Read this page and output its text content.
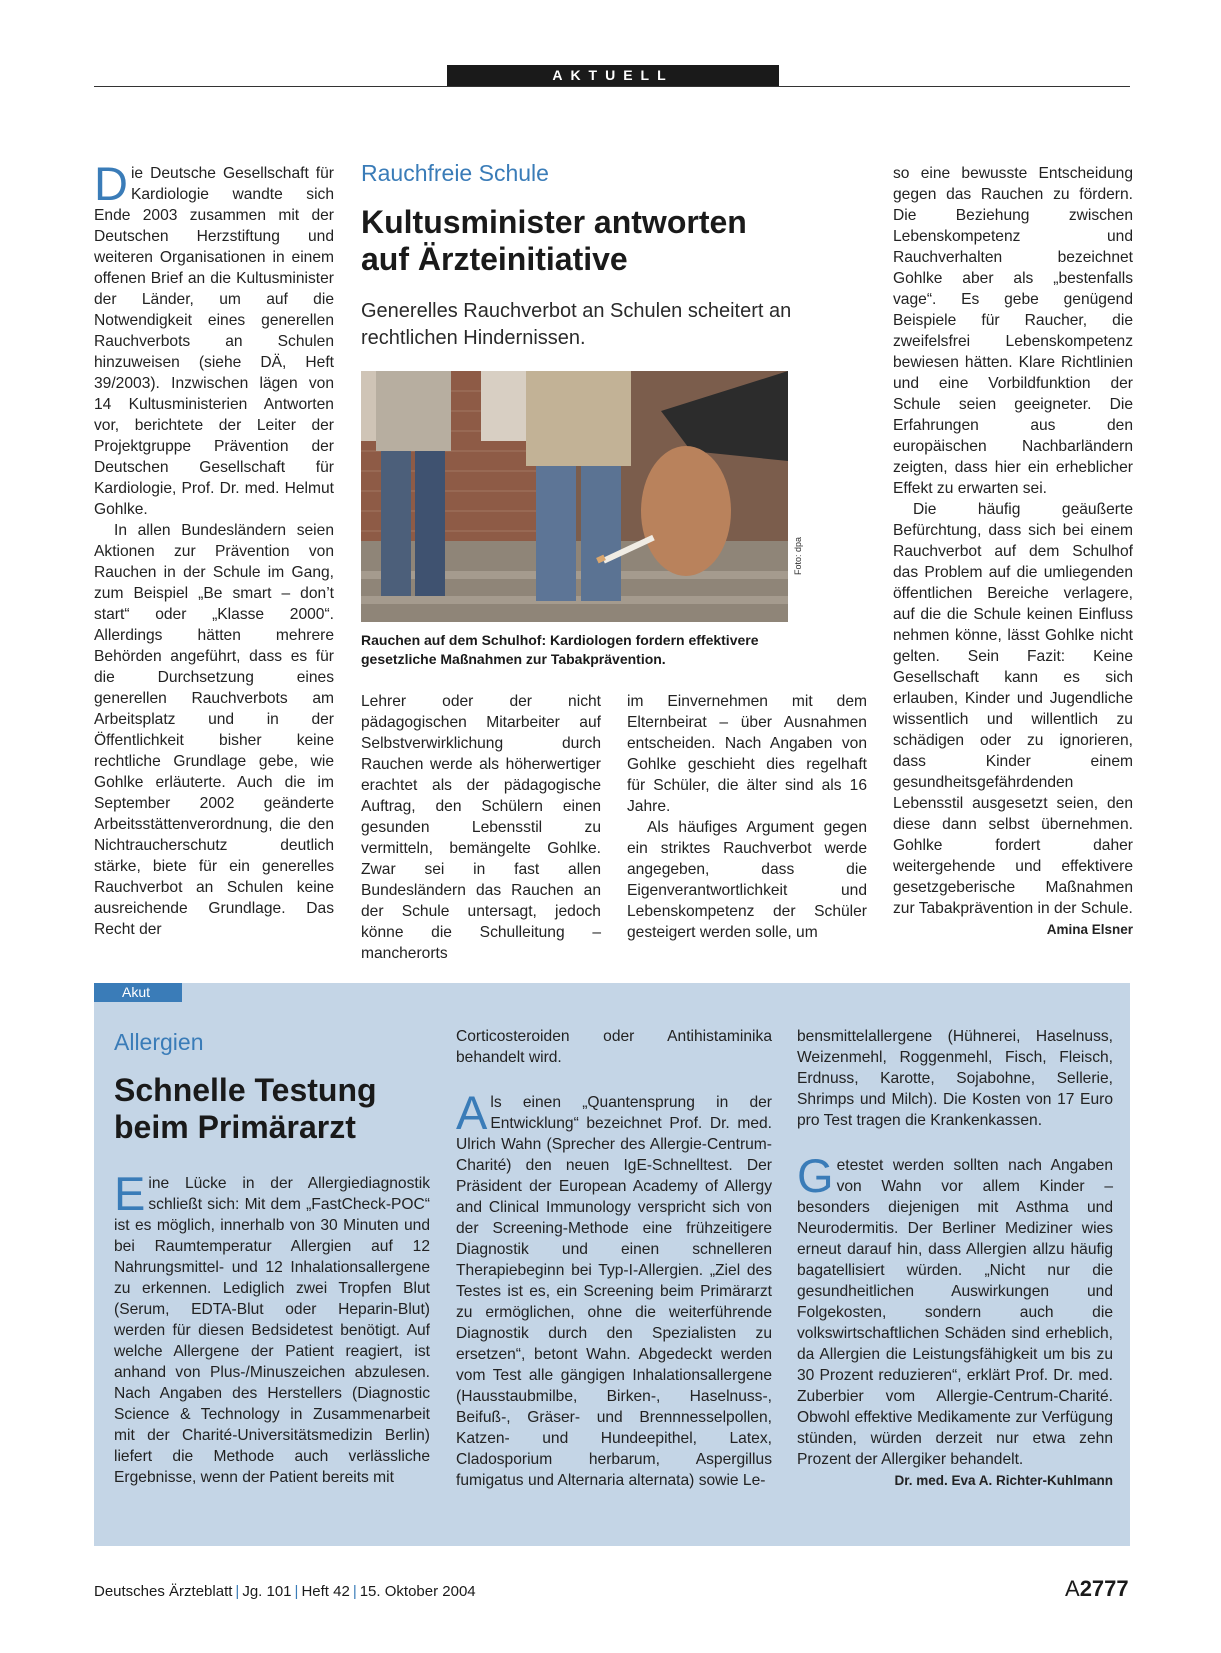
AKTUELL

Die Deutsche Gesellschaft für Kardiologie wandte sich Ende 2003 zusammen mit der Deutschen Herzstiftung und weiteren Organisationen in einem offenen Brief an die Kultusminister der Länder, um auf die Notwendigkeit eines generellen Rauchverbots an Schulen hinzuweisen (siehe DÄ, Heft 39/2003). Inzwischen lägen von 14 Kultusministerien Antworten vor, berichtete der Leiter der Projektgruppe Prävention der Deutschen Gesellschaft für Kardiologie, Prof. Dr. med. Helmut Gohlke.

In allen Bundesländern seien Aktionen zur Prävention von Rauchen in der Schule im Gang, zum Beispiel „Be smart – don’t start“ oder „Klasse 2000“. Allerdings hätten mehrere Behörden angeführt, dass es für die Durchsetzung eines generellen Rauchverbots am Arbeitsplatz und in der Öffentlichkeit bisher keine rechtliche Grundlage gebe, wie Gohlke erläuterte. Auch die im September 2002 geänderte Arbeitsstättenverordnung, die den Nichtraucherschutz deutlich stärke, biete für ein generelles Rauchverbot an Schulen keine ausreichende Grundlage. Das Recht der

Rauchfreie Schule
Kultusminister antworten
auf Ärzteinitiative
Generelles Rauchverbot an Schulen scheitert an rechtlichen Hindernissen.
Foto: dpa
Rauchen auf dem Schulhof: Kardiologen fordern effektivere gesetzliche Maßnahmen zur Tabakprävention.
Lehrer oder der nicht pädagogischen Mitarbeiter auf Selbstverwirklichung durch Rauchen werde als höherwertiger erachtet als der pädagogische Auftrag, den Schülern einen gesunden Lebensstil zu vermitteln, bemängelte Gohlke. Zwar sei in fast allen Bundesländern das Rauchen an der Schule untersagt, jedoch könne die Schulleitung – mancherorts

im Einvernehmen mit dem Elternbeirat – über Ausnahmen entscheiden. Nach Angaben von Gohlke geschieht dies regelhaft für Schüler, die älter sind als 16 Jahre.

Als häufiges Argument gegen ein striktes Rauchverbot werde angegeben, dass die Eigenverantwortlichkeit und Lebenskompetenz der Schüler gesteigert werden solle, um

so eine bewusste Entscheidung gegen das Rauchen zu fördern. Die Beziehung zwischen Lebenskompetenz und Rauchverhalten bezeichnet Gohlke aber als „bestenfalls vage“. Es gebe genügend Beispiele für Raucher, die zweifelsfrei Lebenskompetenz bewiesen hätten. Klare Richtlinien und eine Vorbildfunktion der Schule seien geeigneter. Die Erfahrungen aus den europäischen Nachbarländern zeigten, dass hier ein erheblicher Effekt zu erwarten sei.

Die häufig geäußerte Befürchtung, dass sich bei einem Rauchverbot auf dem Schulhof das Problem auf die umliegenden öffentlichen Bereiche verlagere, auf die die Schule keinen Einfluss nehmen könne, lässt Gohlke nicht gelten. Sein Fazit: Keine Gesellschaft kann es sich erlauben, Kinder und Jugendliche wissentlich und willentlich zu schädigen oder zu ignorieren, dass Kinder einem gesundheitsgefährdenden Lebensstil ausgesetzt seien, den diese dann selbst übernehmen. Gohlke fordert daher weitergehende und effektivere gesetzgeberische Maßnahmen zur Tabakprävention in der Schule.
Amina Elsner

Akut
Allergien
Schnelle Testung
beim Primärarzt

Eine Lücke in der Allergiediagnostik schließt sich: Mit dem „FastCheck-POC“ ist es möglich, innerhalb von 30 Minuten und bei Raumtemperatur Allergien auf 12 Nahrungsmittel- und 12 Inhalationsallergene zu erkennen. Lediglich zwei Tropfen Blut (Serum, EDTA-Blut oder Heparin-Blut) werden für diesen Bedsidetest benötigt. Auf welche Allergene der Patient reagiert, ist anhand von Plus-/Minuszeichen abzulesen. Nach Angaben des Herstellers (Diagnostic Science & Technology in Zusammenarbeit mit der Charité-Universitätsmedizin Berlin) liefert die Methode auch verlässliche Ergebnisse, wenn der Patient bereits mit

Corticosteroiden oder Antihistaminika behandelt wird.

Als einen „Quantensprung in der Entwicklung“ bezeichnet Prof. Dr. med. Ulrich Wahn (Sprecher des Allergie-Centrum-Charité) den neuen IgE-Schnelltest. Der Präsident der European Academy of Allergy and Clinical Immunology verspricht sich von der Screening-Methode eine frühzeitigere Diagnostik und einen schnelleren Therapiebeginn bei Typ-I-Allergien. „Ziel des Testes ist es, ein Screening beim Primärarzt zu ermöglichen, ohne die weiterführende Diagnostik durch den Spezialisten zu ersetzen“, betont Wahn. Abgedeckt werden vom Test alle gängigen Inhalationsallergene (Hausstaubmilbe, Birken-, Haselnuss-, Beifuß-, Gräser- und Brennnesselpollen, Katzen- und Hundeepithel, Latex, Cladosporium herbarum, Aspergillus fumigatus und Alternaria alternata) sowie Le-

bensmittelallergene (Hühnerei, Haselnuss, Weizenmehl, Roggenmehl, Fisch, Fleisch, Erdnuss, Karotte, Sojabohne, Sellerie, Shrimps und Milch). Die Kosten von 17 Euro pro Test tragen die Krankenkassen.

Getestet werden sollten nach Angaben von Wahn vor allem Kinder – besonders diejenigen mit Asthma und Neurodermitis. Der Berliner Mediziner wies erneut darauf hin, dass Allergien allzu häufig bagatellisiert würden. „Nicht nur die gesundheitlichen Auswirkungen und Folgekosten, sondern auch die volkswirtschaftlichen Schäden sind erheblich, da Allergien die Leistungsfähigkeit um bis zu 30 Prozent reduzieren“, erklärt Prof. Dr. med. Zuberbier vom Allergie-Centrum-Charité. Obwohl effektive Medikamente zur Verfügung stünden, würden derzeit nur etwa zehn Prozent der Allergiker behandelt.
Dr. med. Eva A. Richter-Kuhlmann

Deutsches Ärzteblatt | Jg. 101 | Heft 42 | 15. Oktober 2004	A2777
